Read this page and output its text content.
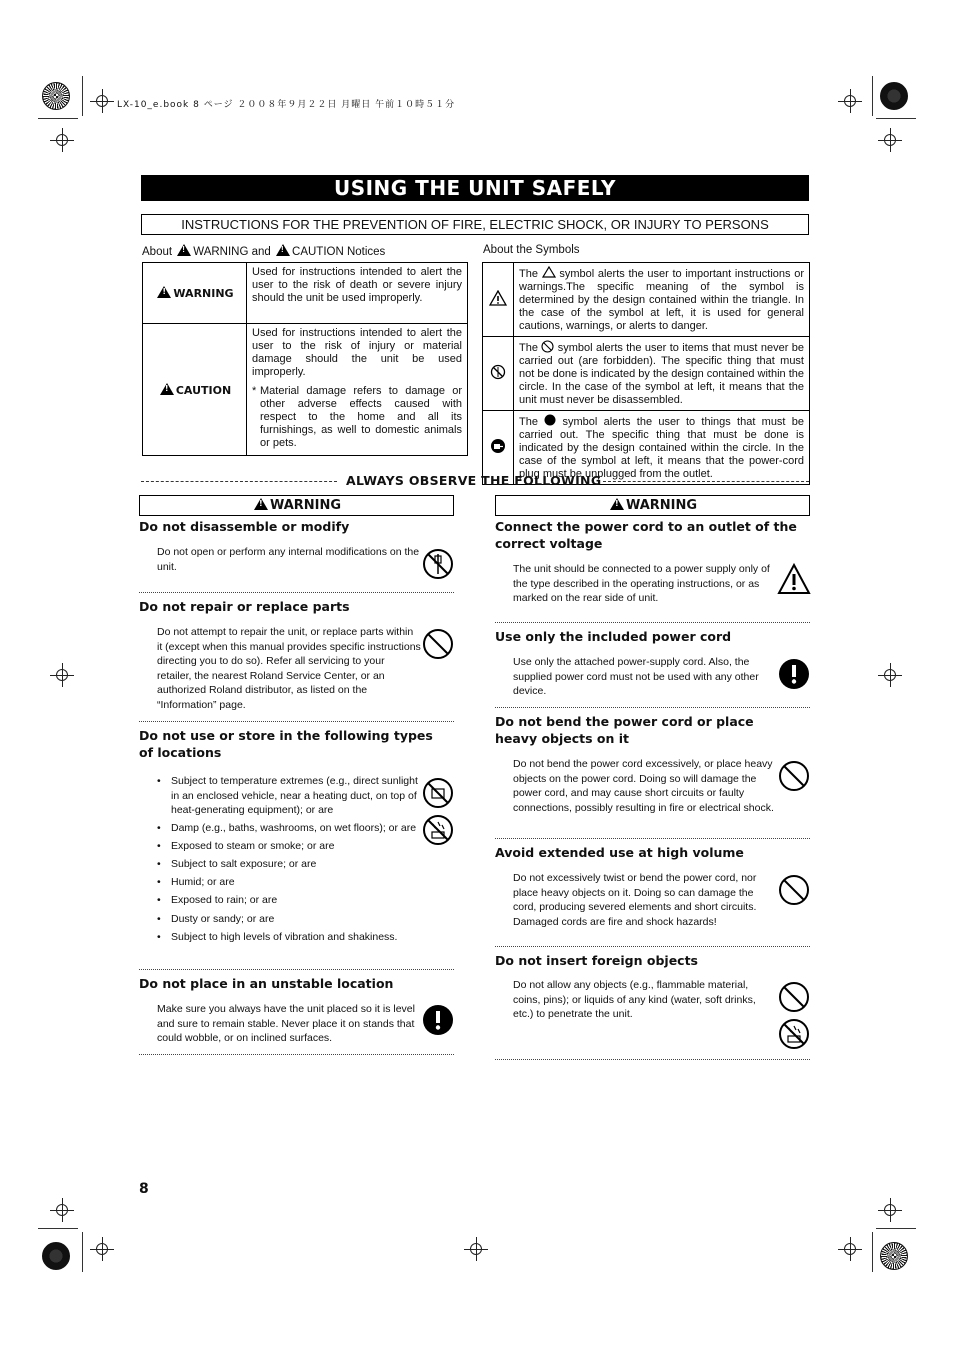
LX-10_e.book 8 ページ ２００８年９月２２日 月曜日 午前１０時５１分
USING THE UNIT SAFELY
INSTRUCTIONS FOR THE PREVENTION OF FIRE, ELECTRIC SHOCK, OR INJURY TO PERSONS
About ! WARNING and ! CAUTION Notices
!WARNING	Used for instructions intended to alert the user to the risk of death or severe injury should the unit be used improperly.
!CAUTION	Used for instructions intended to alert the user to the risk of injury or material damage should the unit be used improperly.
* Material damage refers to damage or other adverse effects caused with respect to the home and all its furnishings, as well to domestic animals or pets.
About the Symbols
	The symbol alerts the user to important instructions or warnings.The specific meaning of the symbol is determined by the design contained within the triangle. In the case of the symbol at left, it is used for general cautions, warnings, or alerts to danger.
	The symbol alerts the user to items that must never be carried out (are forbidden). The specific thing that must not be done is indicated by the design contained within the circle. In the case of the symbol at left, it means that the unit must never be disassembled.
	The symbol alerts the user to things that must be carried out. The specific thing that must be done is indicated by the design contained within the circle. In the case of the symbol at left, it means that the power-cord plug must be unplugged from the outlet.
ALWAYS OBSERVE THE FOLLOWING
!WARNING
Do not disassemble or modify
Do not open or perform any internal modifications on the unit.
Do not repair or replace parts
Do not attempt to repair the unit, or replace parts within it (except when this manual provides specific instructions directing you to do so). Refer all servicing to your retailer, the nearest Roland Service Center, or an authorized Roland distributor, as listed on the “Information” page.
Do not use or store in the following types of locations
• Subject to temperature extremes (e.g., direct sunlight in an enclosed vehicle, near a heating duct, on top of heat-generating equipment); or are
• Damp (e.g., baths, washrooms, on wet floors); or are
• Exposed to steam or smoke; or are
• Subject to salt exposure; or are
• Humid; or are
• Exposed to rain; or are
• Dusty or sandy; or are
• Subject to high levels of vibration and shakiness.
Do not place in an unstable location
Make sure you always have the unit placed so it is level and sure to remain stable. Never place it on stands that could wobble, or on inclined surfaces.
!WARNING
Connect the power cord to an outlet of the correct voltage
The unit should be connected to a power supply only of the type described in the operating instructions, or as marked on the rear side of unit.
Use only the included power cord
Use only the attached power-supply cord. Also, the supplied power cord must not be used with any other device.
Do not bend the power cord or place heavy objects on it
Do not bend the power cord excessively, or place heavy objects on the power cord. Doing so will damage the power cord, and may cause short circuits or faulty connections, possibly resulting in fire or electrical shock.
Avoid extended use at high volume
Do not excessively twist or bend the power cord, nor place heavy objects on it. Doing so can damage the cord, producing severed elements and short circuits. Damaged cords are fire and shock hazards!
Do not insert foreign objects
Do not allow any objects (e.g., flammable material, coins, pins); or liquids of any kind (water, soft drinks, etc.) to penetrate the unit.
8
